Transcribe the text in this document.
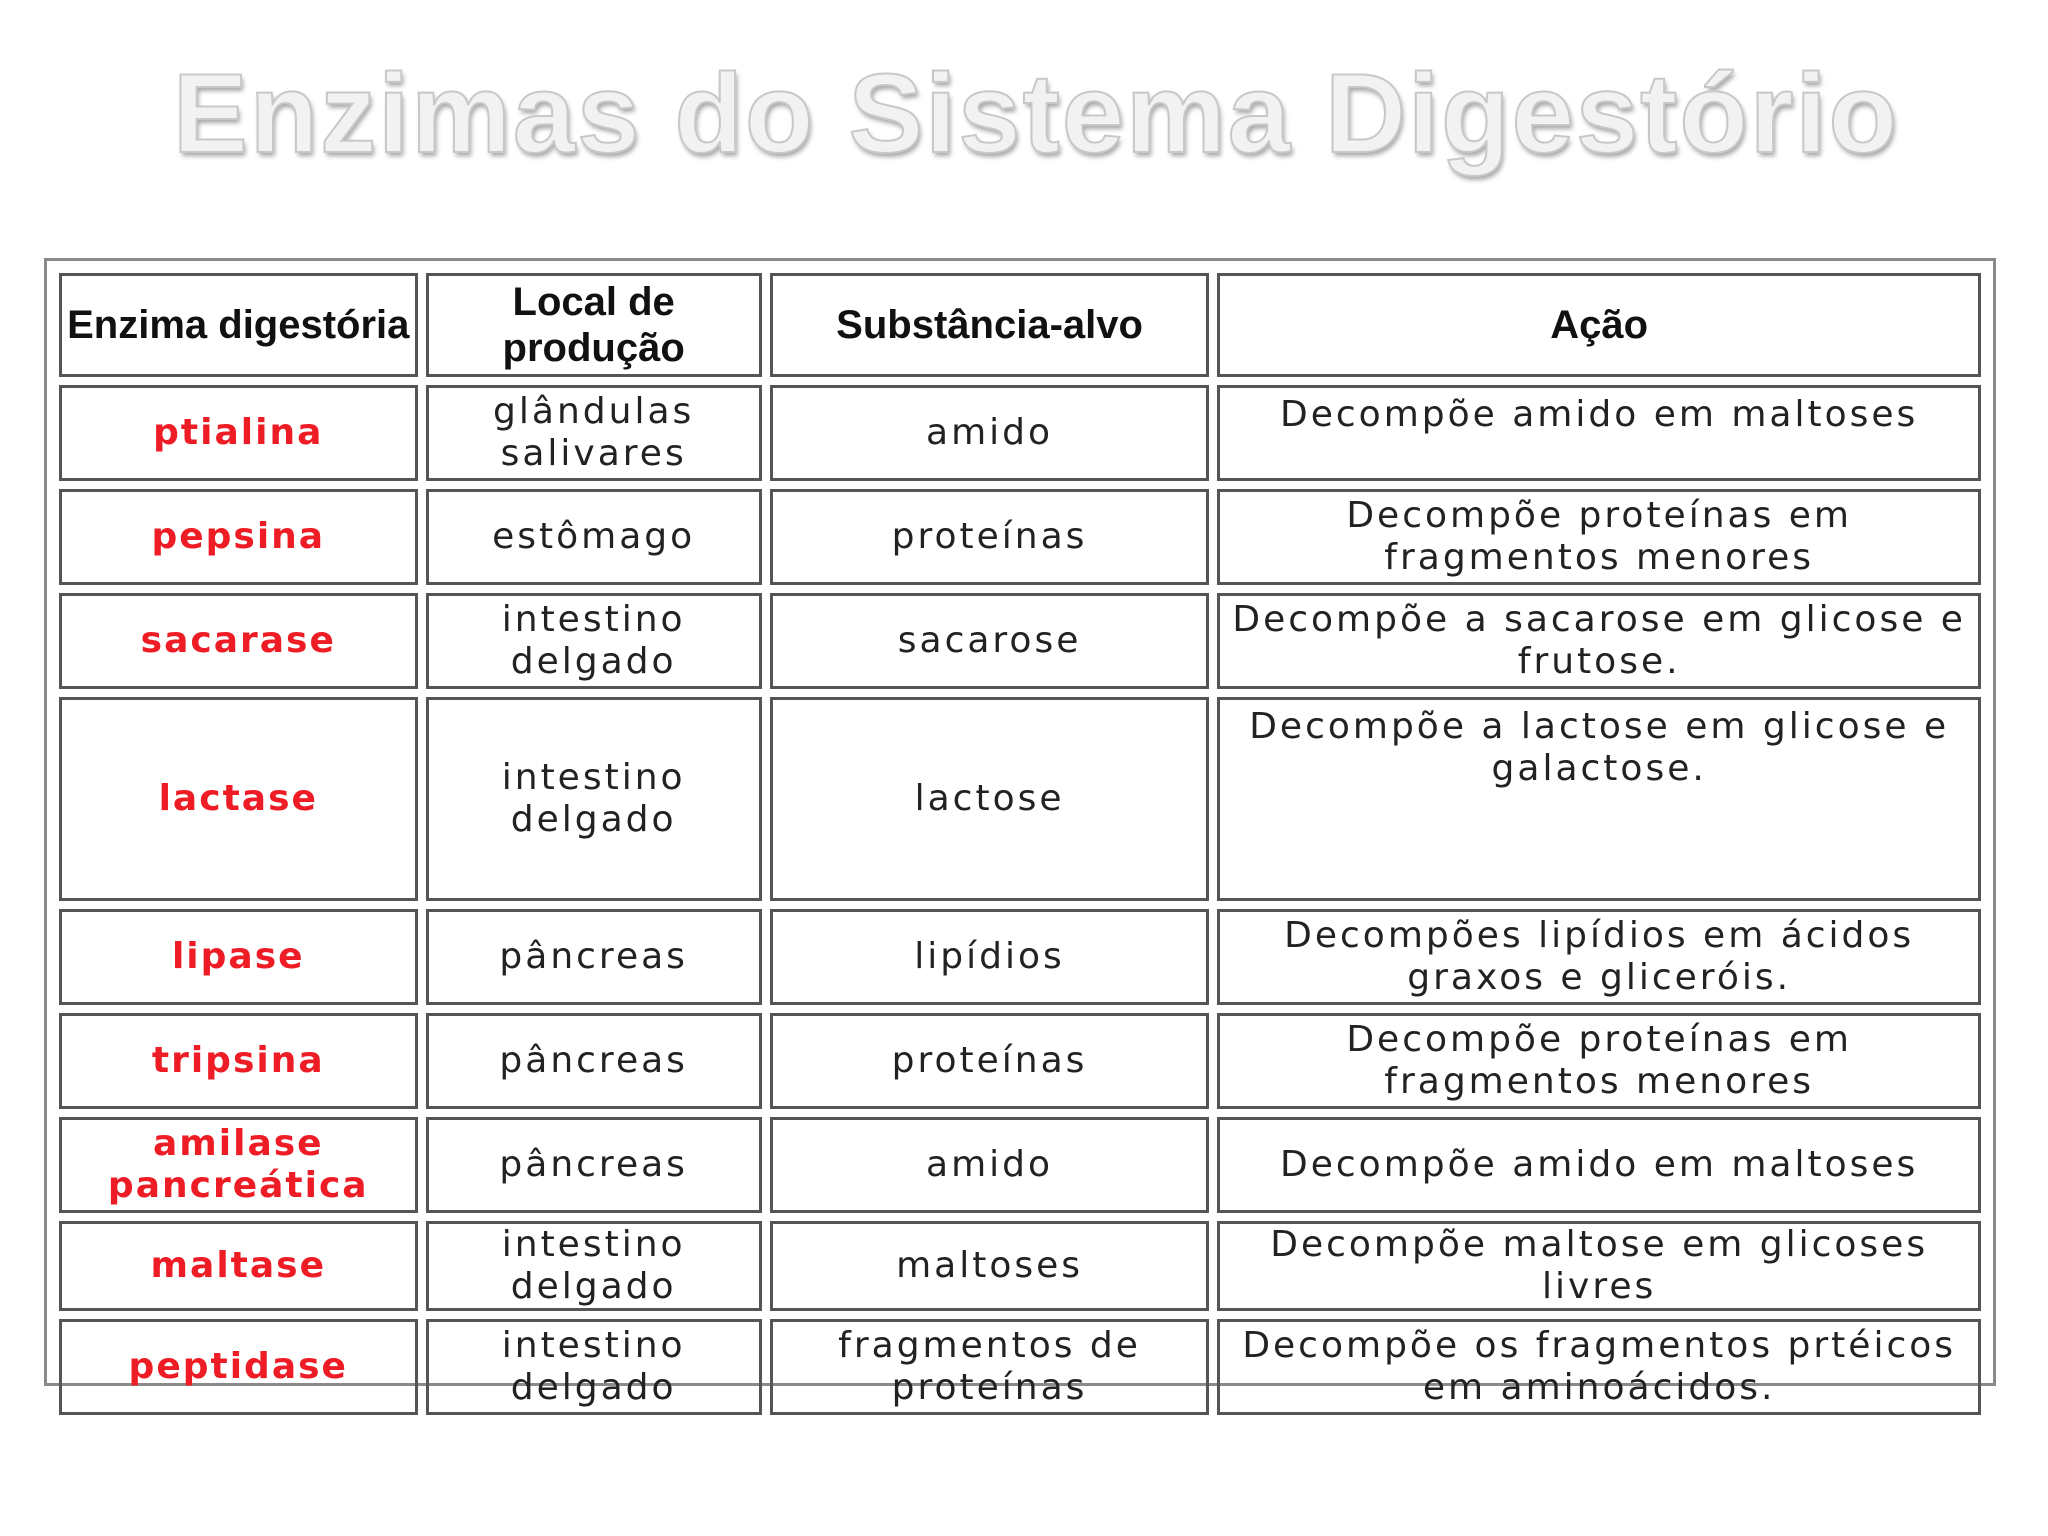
Enzimas do Sistema Digestório
Enzima digestória	Local de produção	Substância-alvo	Ação
ptialina	glândulas salivares	amido	Decompõe amido em maltoses
pepsina	estômago	proteínas	Decompõe proteínas em fragmentos menores
sacarase	intestino delgado	sacarose	Decompõe a sacarose em glicose e frutose.
lactase	intestino delgado	lactose	Decompõe a lactose em glicose e galactose.
lipase	pâncreas	lipídios	Decompões lipídios em ácidos graxos e gliceróis.
tripsina	pâncreas	proteínas	Decompõe proteínas em fragmentos menores
amilase pancreática	pâncreas	amido	Decompõe amido em maltoses
maltase	intestino delgado	maltoses	Decompõe maltose em glicoses livres
peptidase	intestino delgado	fragmentos de proteínas	Decompõe os fragmentos prtéicos em aminoácidos.
